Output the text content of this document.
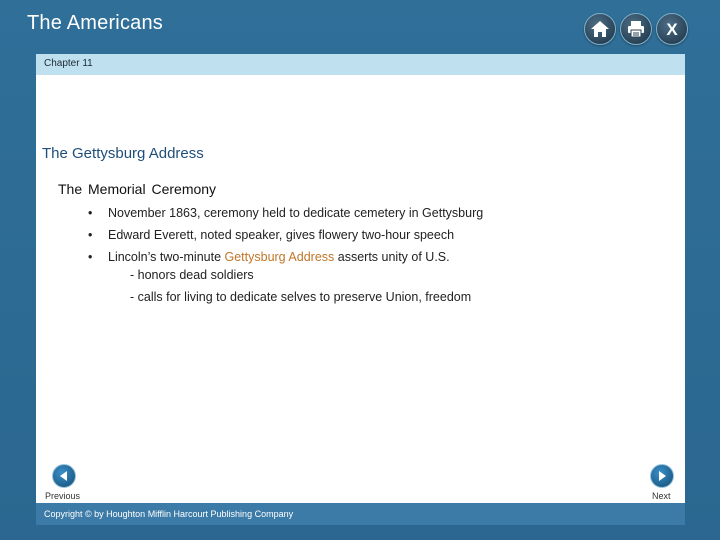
The Americans	X
Chapter 11
The Gettysburg Address
The Memorial Ceremony
• November 1863, ceremony held to dedicate cemetery in Gettysburg
• Edward Everett, noted speaker, gives flowery two-hour speech
• Lincoln’s two-minute Gettysburg Address asserts unity of U.S.
- honors dead soldiers
- calls for living to dedicate selves to preserve Union, freedom
Previous	Next
Copyright © by Houghton Mifflin Harcourt Publishing Company
